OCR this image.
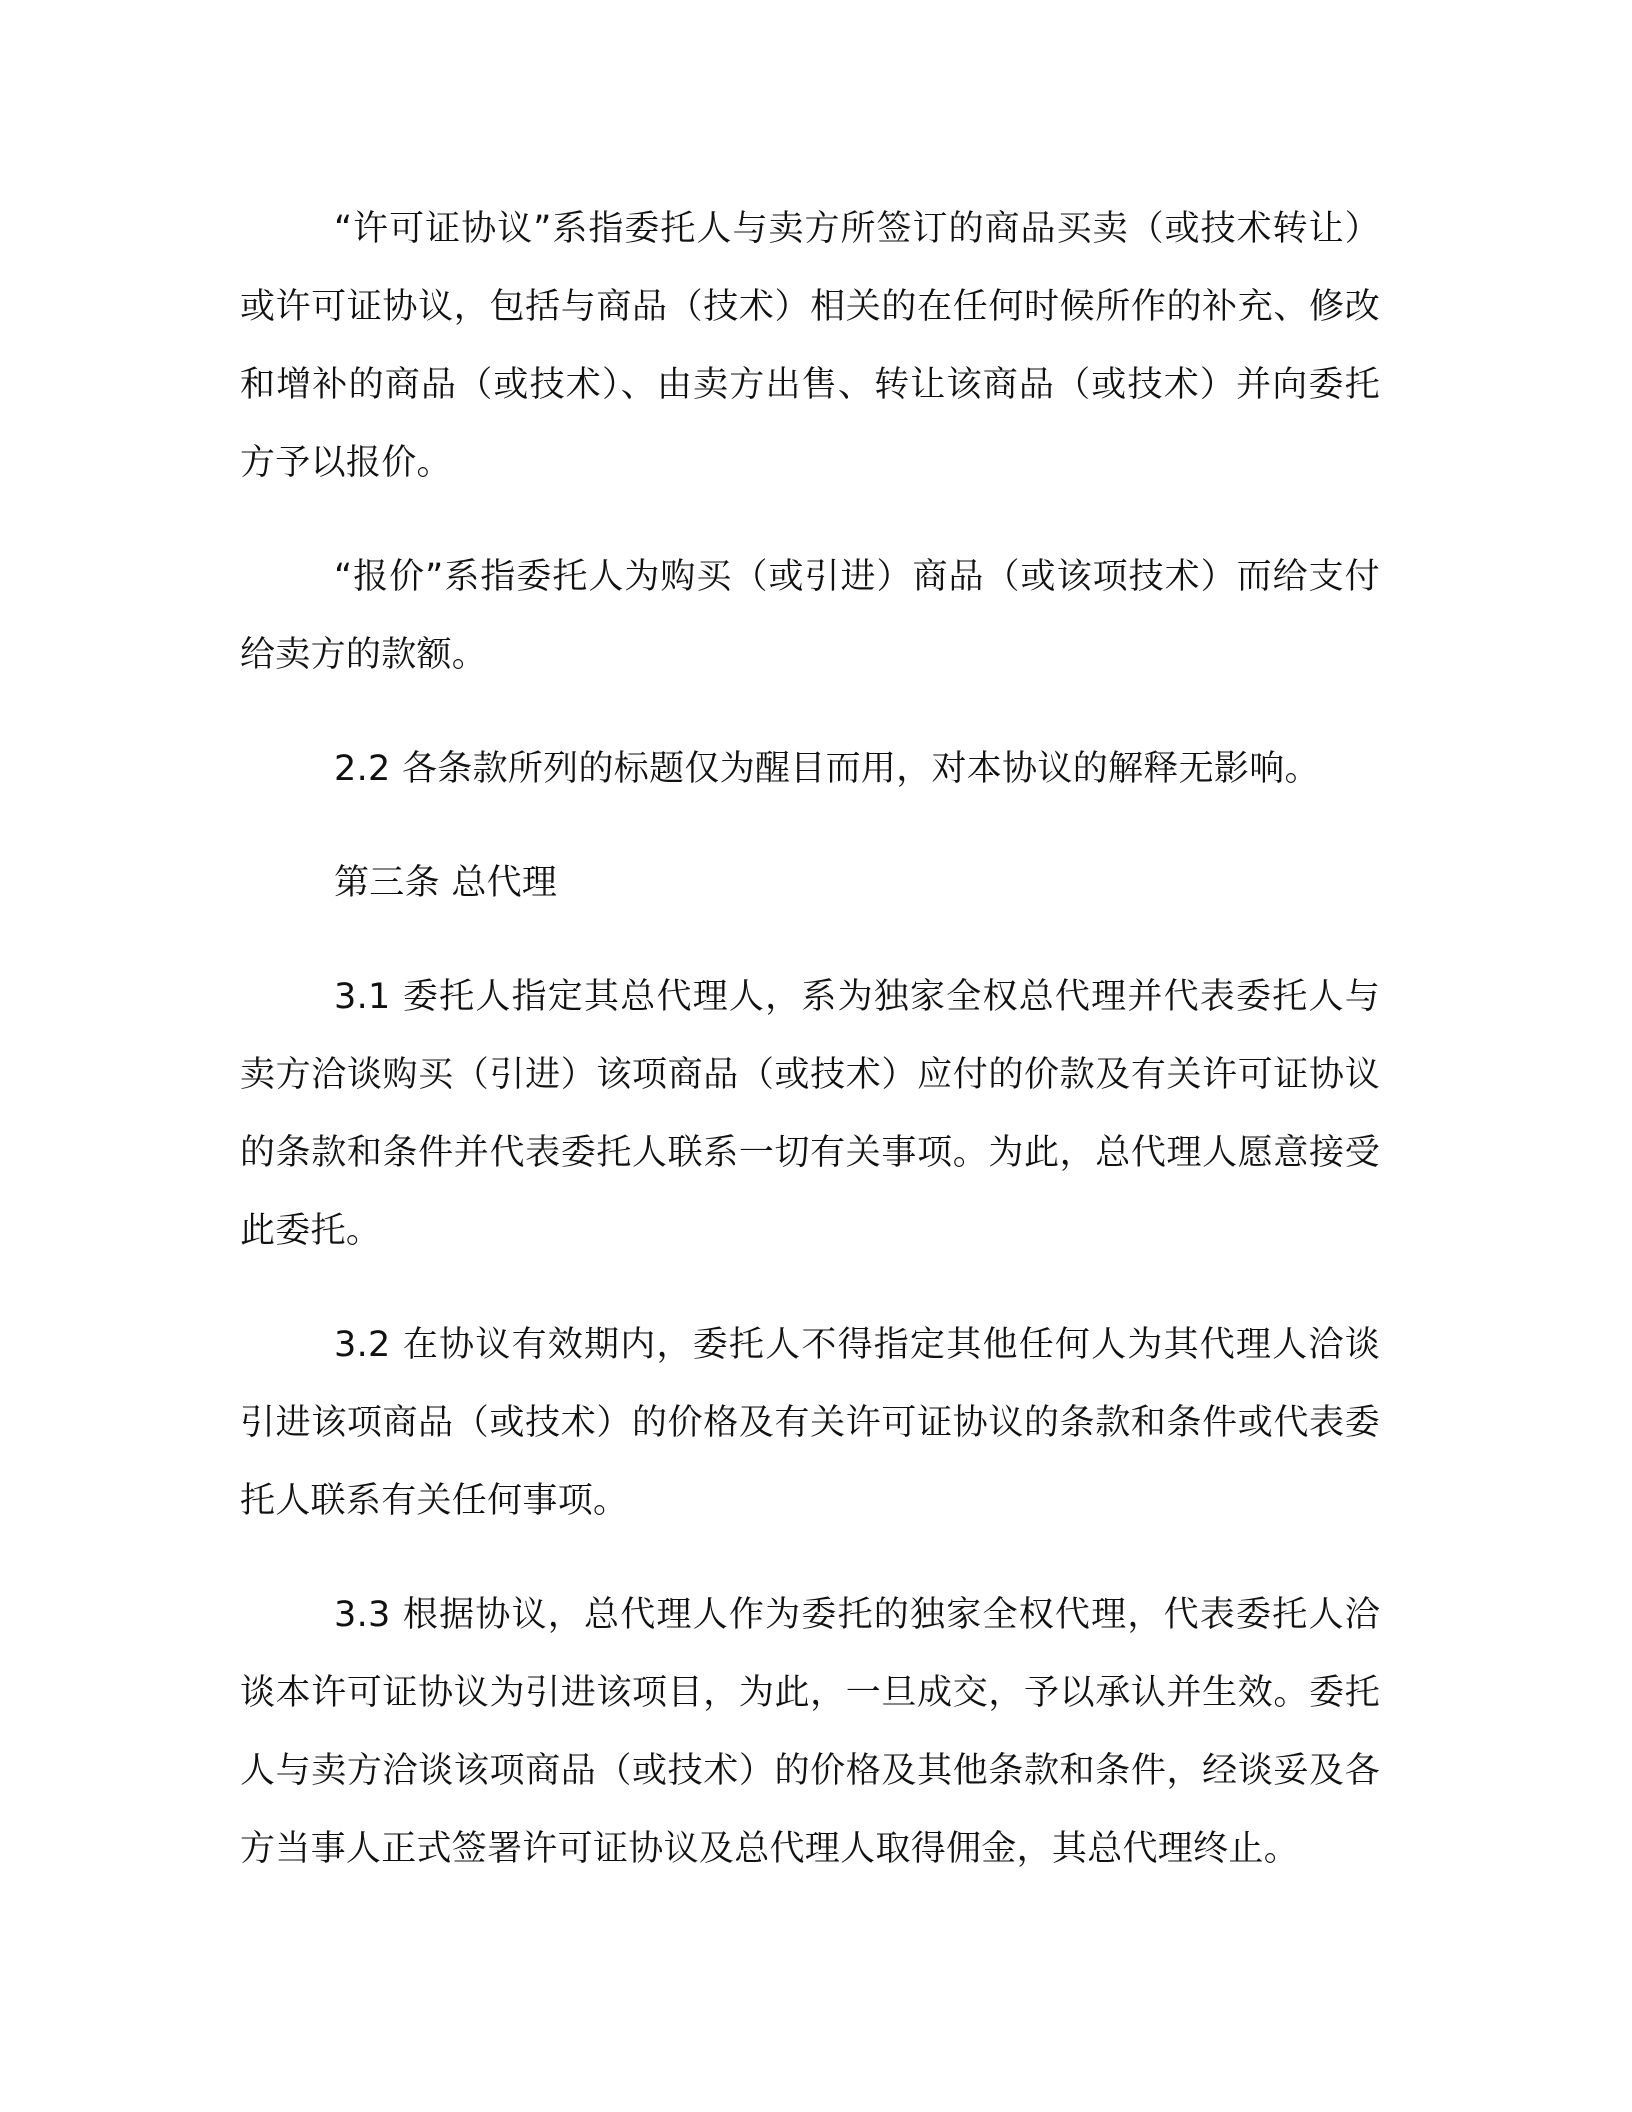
“许可证协议”系指委托人与卖方所签订的商品买卖（或技术转让）或许可证协议，包括与商品（技术）相关的在任何时候所作的补充、修改和增补的商品（或技术）、由卖方出售、转让该商品（或技术）并向委托方予以报价。

“报价”系指委托人为购买（或引进）商品（或该项技术）而给支付给卖方的款额。

2.2 各条款所列的标题仅为醒目而用，对本协议的解释无影响。

第三条 总代理

3.1 委托人指定其总代理人，系为独家全权总代理并代表委托人与卖方洽谈购买（引进）该项商品（或技术）应付的价款及有关许可证协议的条款和条件并代表委托人联系一切有关事项。为此，总代理人愿意接受此委托。

3.2 在协议有效期内，委托人不得指定其他任何人为其代理人洽谈引进该项商品（或技术）的价格及有关许可证协议的条款和条件或代表委托人联系有关任何事项。

3.3 根据协议，总代理人作为委托的独家全权代理，代表委托人洽谈本许可证协议为引进该项目，为此，一旦成交，予以承认并生效。委托人与卖方洽谈该项商品（或技术）的价格及其他条款和条件，经谈妥及各方当事人正式签署许可证协议及总代理人取得佣金，其总代理终止。
